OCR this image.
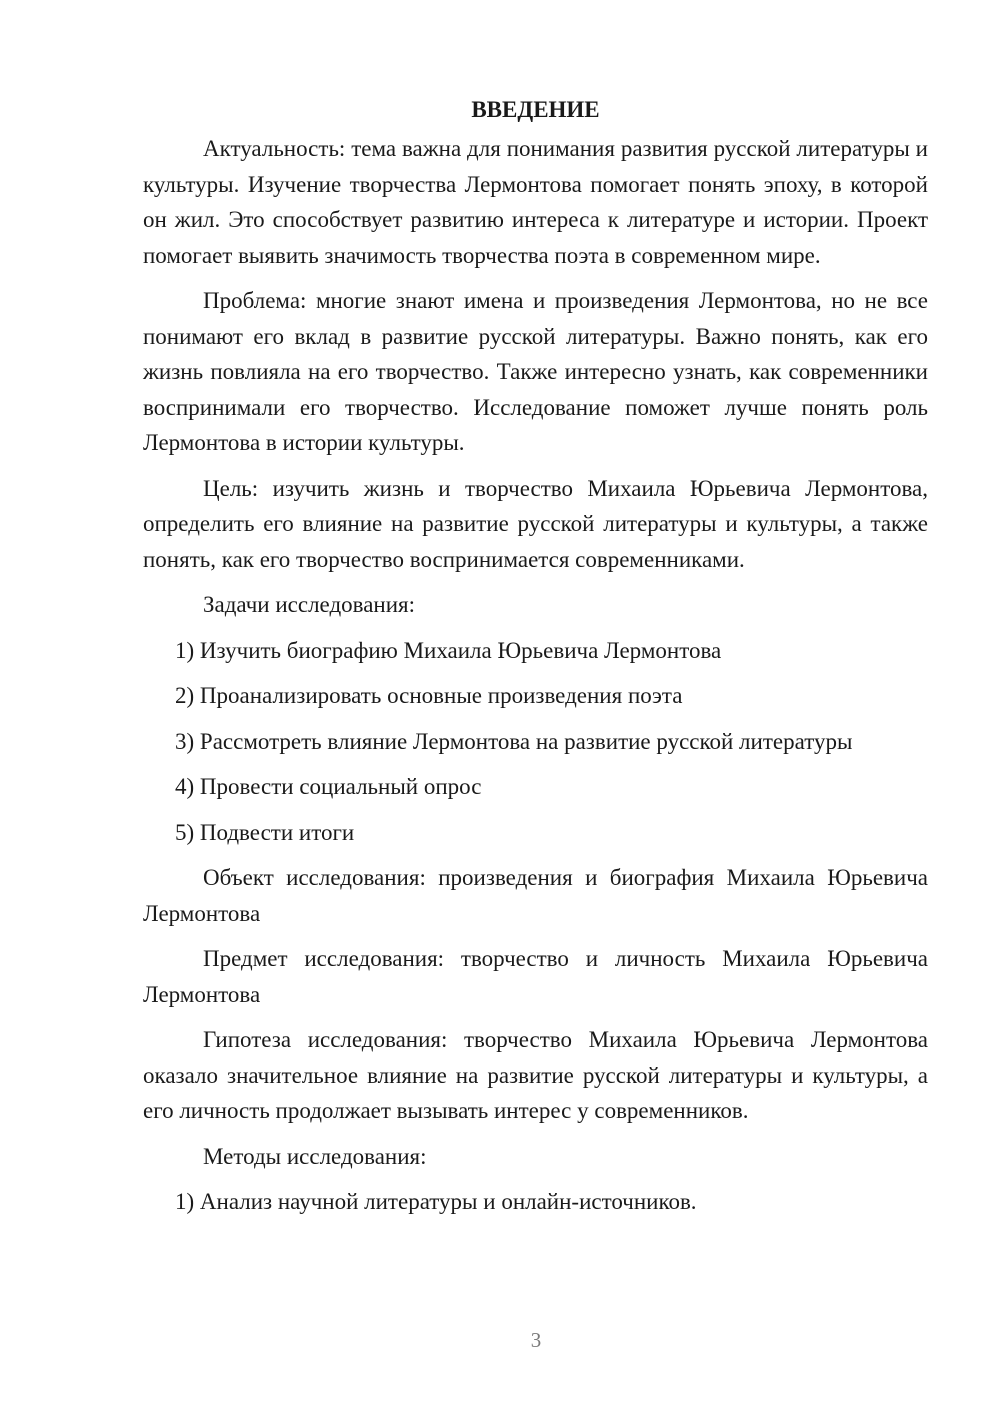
ВВЕДЕНИЕ

Актуальность: тема важна для понимания развития русской литературы и культуры. Изучение творчества Лермонтова помогает понять эпоху, в которой он жил. Это способствует развитию интереса к литературе и истории. Проект помогает выявить значимость творчества поэта в современном мире.

Проблема: многие знают имена и произведения Лермонтова, но не все понимают его вклад в развитие русской литературы. Важно понять, как его жизнь повлияла на его творчество. Также интересно узнать, как современники воспринимали его творчество. Исследование поможет лучше понять роль Лермонтова в истории культуры.

Цель: изучить жизнь и творчество Михаила Юрьевича Лермонтова, определить его влияние на развитие русской литературы и культуры, а также понять, как его творчество воспринимается современниками.

Задачи исследования:

1) Изучить биографию Михаила Юрьевича Лермонтова
2) Проанализировать основные произведения поэта
3) Рассмотреть влияние Лермонтова на развитие русской литературы
4) Провести социальный опрос
5) Подвести итоги

Объект исследования: произведения и биография Михаила Юрьевича Лермонтова

Предмет исследования: творчество и личность Михаила Юрьевича Лермонтова

Гипотеза исследования: творчество Михаила Юрьевича Лермонтова оказало значительное влияние на развитие русской литературы и культуры, а его личность продолжает вызывать интерес у современников.

Методы исследования:

1) Анализ научной литературы и онлайн-источников.
3
